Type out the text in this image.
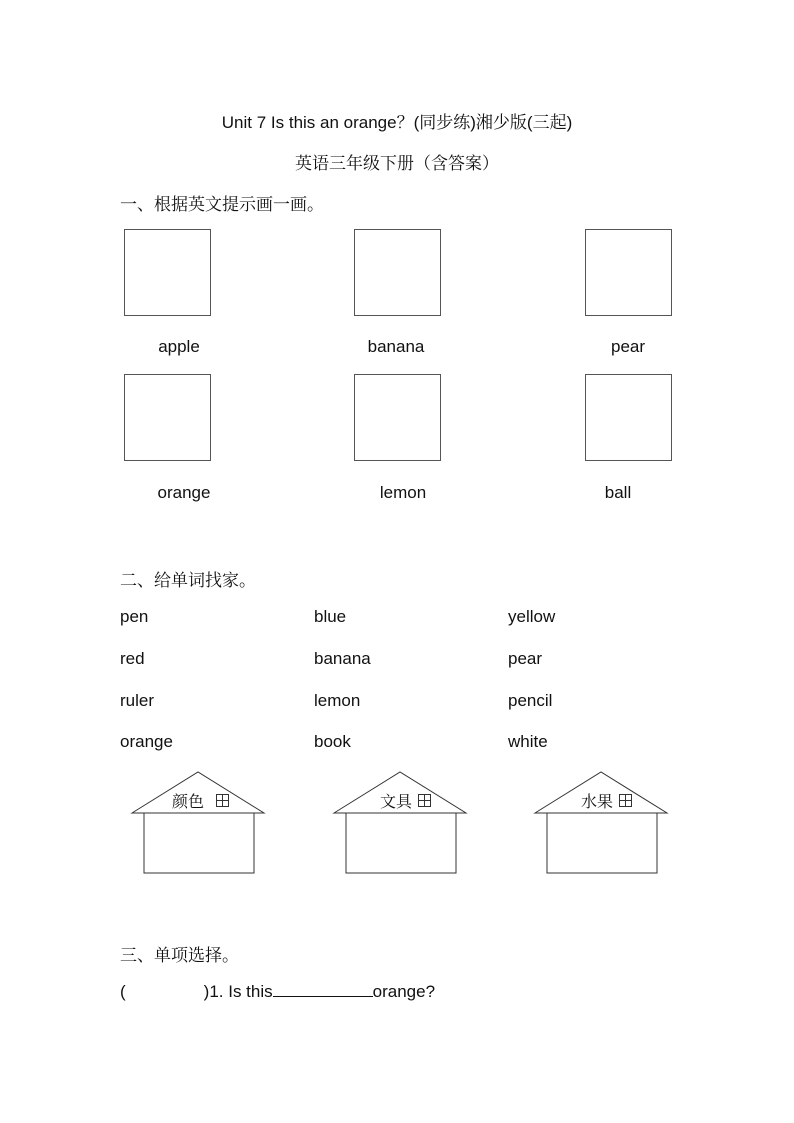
Unit 7 Is this an orange？(同步练)湘少版(三起)
英语三年级下册（含答案）
一、根据英文提示画一画。
apple	banana	pear
orange	lemon	ball
二、给单词找家。
pen	blue	yellow
red	banana	pear
ruler	lemon	pencil
orange	book	white
颜色	文具	水果
三、单项选择。
(	)1. Is this	orange?
